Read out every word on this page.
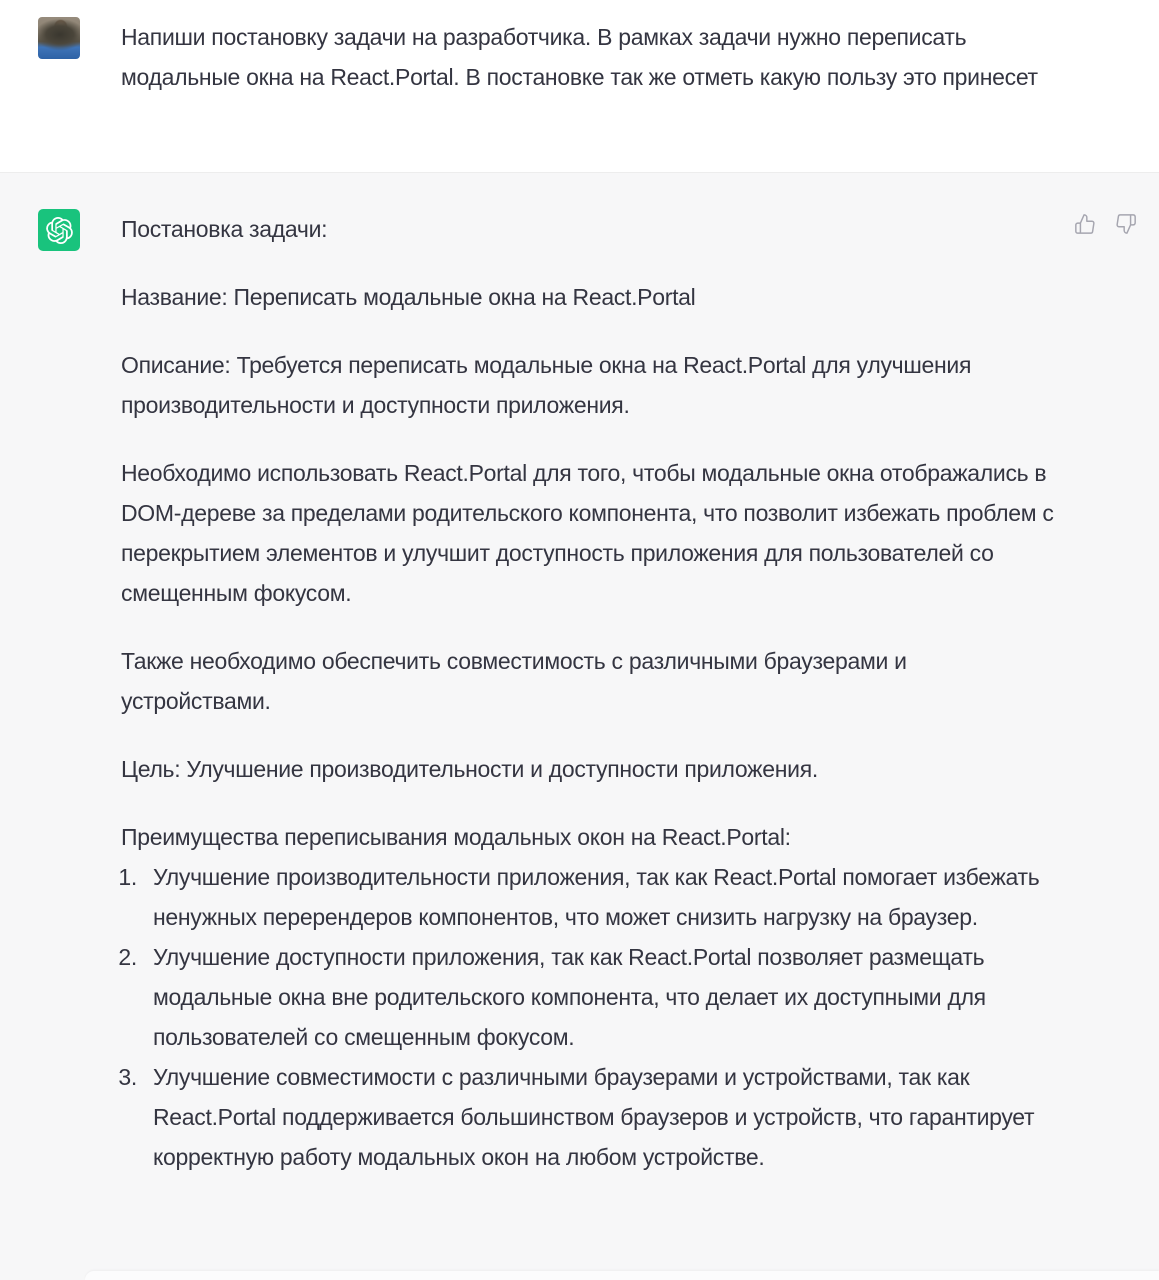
Напиши постановку задачи на разработчика. В рамках задачи нужно переписать модальные окна на React.Portal. В постановке так же отметь какую пользу это принесет

Постановка задачи:

Название: Переписать модальные окна на React.Portal

Описание: Требуется переписать модальные окна на React.Portal для улучшения производительности и доступности приложения.

Необходимо использовать React.Portal для того, чтобы модальные окна отображались в DOM-дереве за пределами родительского компонента, что позволит избежать проблем с перекрытием элементов и улучшит доступность приложения для пользователей со смещенным фокусом.

Также необходимо обеспечить совместимость с различными браузерами и устройствами.

Цель: Улучшение производительности и доступности приложения.

Преимущества переписывания модальных окон на React.Portal:

1. Улучшение производительности приложения, так как React.Portal помогает избежать ненужных перерендеров компонентов, что может снизить нагрузку на браузер.
2. Улучшение доступности приложения, так как React.Portal позволяет размещать модальные окна вне родительского компонента, что делает их доступными для пользователей со смещенным фокусом.
3. Улучшение совместимости с различными браузерами и устройствами, так как React.Portal поддерживается большинством браузеров и устройств, что гарантирует корректную работу модальных окон на любом устройстве.
